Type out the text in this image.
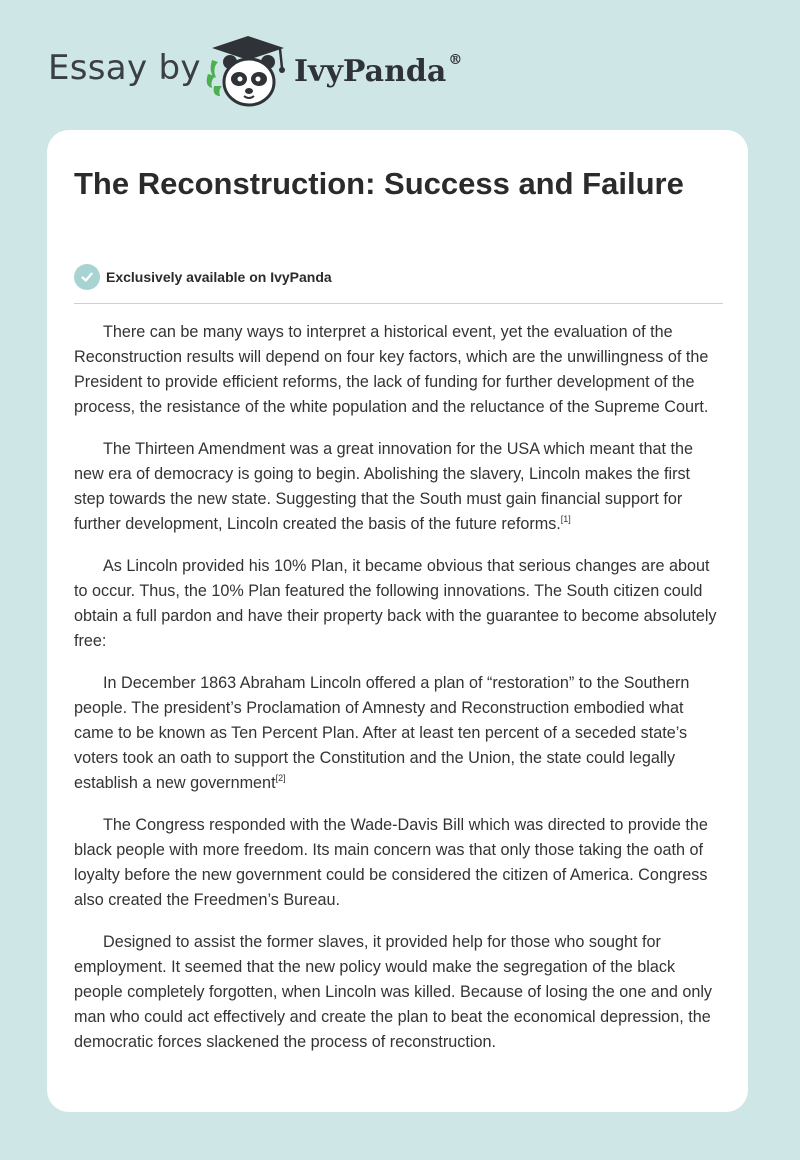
Essay by	IvyPanda ®
The Reconstruction: Success and Failure
Exclusively available on IvyPanda

There can be many ways to interpret a historical event, yet the evaluation of the Reconstruction results will depend on four key factors, which are the unwillingness of the President to provide efficient reforms, the lack of funding for further development of the process, the resistance of the white population and the reluctance of the Supreme Court.

The Thirteen Amendment was a great innovation for the USA which meant that the new era of democracy is going to begin. Abolishing the slavery, Lincoln makes the first step towards the new state. Suggesting that the South must gain financial support for further development, Lincoln created the basis of the future reforms.[1]

As Lincoln provided his 10% Plan, it became obvious that serious changes are about to occur. Thus, the 10% Plan featured the following innovations. The South citizen could obtain a full pardon and have their property back with the guarantee to become absolutely free:

In December 1863 Abraham Lincoln offered a plan of “restoration” to the Southern people. The president’s Proclamation of Amnesty and Reconstruction embodied what came to be known as Ten Percent Plan. After at least ten percent of a seceded state’s voters took an oath to support the Constitution and the Union, the state could legally establish a new government[2]

The Congress responded with the Wade-Davis Bill which was directed to provide the black people with more freedom. Its main concern was that only those taking the oath of loyalty before the new government could be considered the citizen of America. Congress also created the Freedmen’s Bureau.

Designed to assist the former slaves, it provided help for those who sought for employment. It seemed that the new policy would make the segregation of the black people completely forgotten, when Lincoln was killed. Because of losing the one and only man who could act effectively and create the plan to beat the economical depression, the democratic forces slackened the process of reconstruction.
